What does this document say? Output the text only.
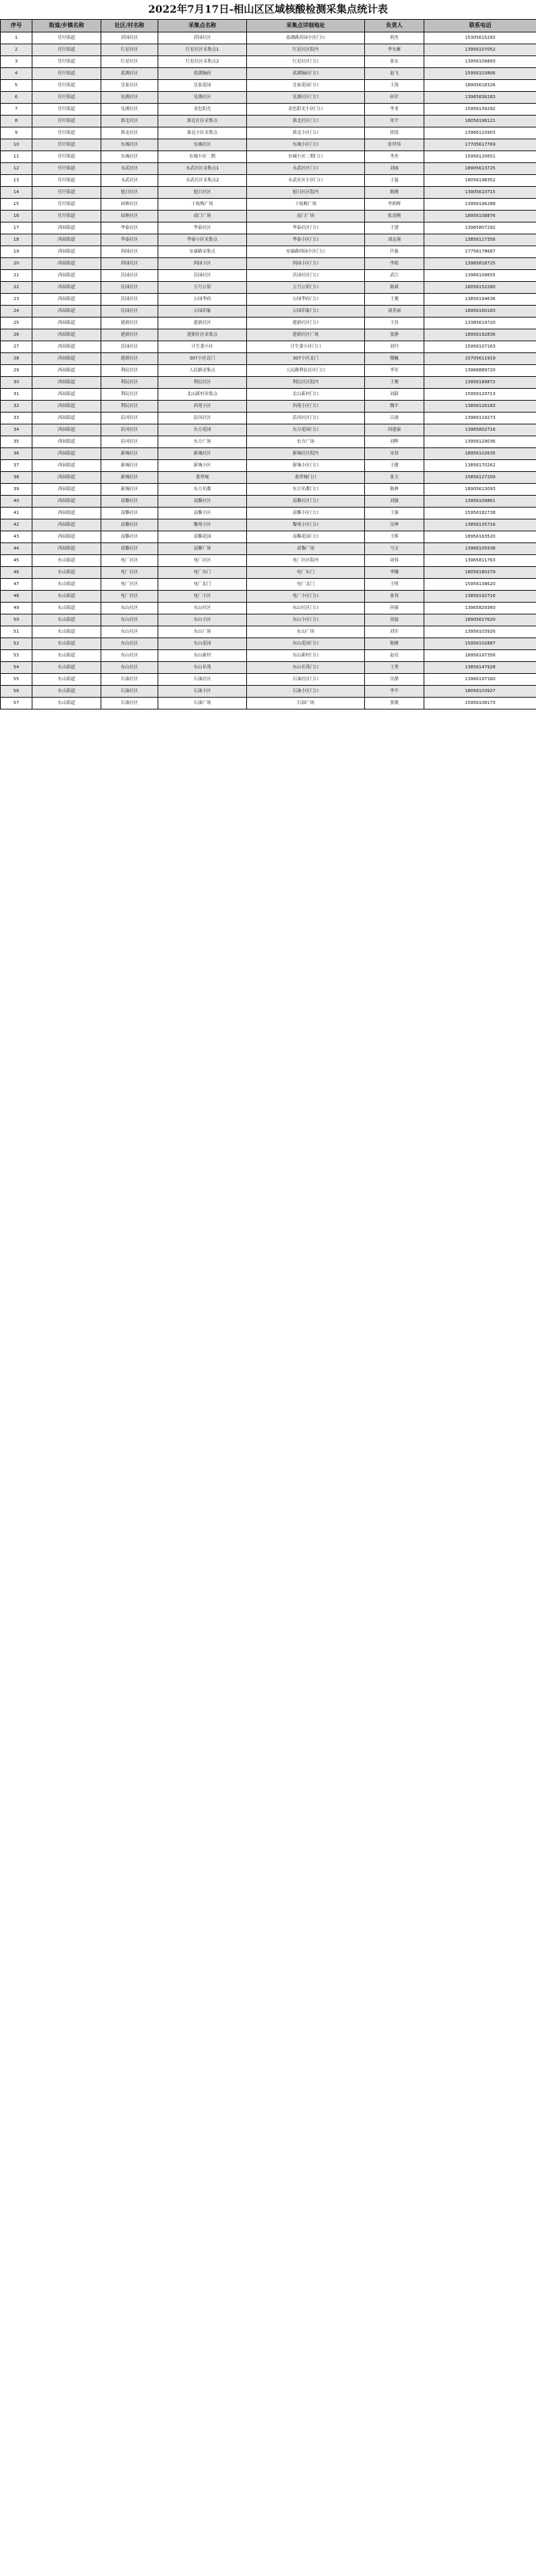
2022年7月17日-相山区区域核酸检测采集点统计表
序号	街道/乡镇名称	社区/村名称	采集点名称	采集点详细地址	负责人	联系电话
1	任圩街道	苏园社区	苏园社区	南湖路苏园小区门口	胡杰	15305615293
2	任圩街道	红星社区	红星社区采集点1	红星社区院内	李东雁	13956107052
3	任圩街道	红星社区	红星社区采集点2	红星社区门口	张东	13956109893
4	任圩街道	蓝湖社区	蓝湖翰府	蓝湖翰府门口	赵飞	15956103806
5	任圩街道	皇家社区	皇家花园	皇家花园门口	王海	18905618326
6	任圩街道	星湖社区	星湖社区	星湖社区门口	孙军	13965836283
7	任圩街道	星湖社区	金色阳光	金色阳光小区门口	李亚	15956139292
8	任圩街道	淮北社区	淮北社区采集点	淮北社区门口	朱宇	18056196121
9	任圩街道	淮北社区	淮北小区采集点	淮北小区门口	徐凯	13966110903
10	任圩街道	东城社区	东城社区	东城小区门口	张世伟	17705617769
11	任圩街道	东城社区	东城小区二期	东城小区二期门口	李杰	15956120651
12	任圩街道	永武社区	永武社区采集点1	永武社区门口	刘丽	18905613725
13	任圩街道	永武社区	永武社区采集点2	永武社区小区门口	王磊	18056198352
14	任圩街道	旭日社区	旭日社区	旭日社区院内	陈刚	13905610715
15	任圩街道	园林社区	十枝梅广场	十枝梅广场	李炳辉	13956196288
16	任圩街道	园林社区	南门广场	南门广场	张凌刚	18956108876
17	西园街道	华泰社区	华泰社区	华泰社区门口	王建	13965807292
18	西园街道	华泰社区	华泰小区采集点	华泰小区门口	刘志强	13856117356
19	西园街道	西园社区	安康路采集点	安康路西园小区门口	许振	17756178687
20	西园街道	西园社区	西园小区	西园小区门口	李娟	13965818725
21	西园街道	沃园社区	沃园社区	沃园社区门口	武江	13966109655
22	西园街道	沃园社区	五号公馆	五号公馆门口	陈斌	18056152280
23	西园街道	沃园社区	公园华府	公园华府门口	王俊	13856194636
24	西园街道	沃园社区	公园印象	公园印象门口	刘美丽	18956160183
25	西园街道	建新社区	建新社区	建新社区门口	王佳	13385619720
26	西园街道	建新社区	建新社区采集点	建新社区广场	张静	18956192836
27	西园街道	沃园社区	计生委小区	计生委小区门口	刘丹	15956107163
28	西园街道	建新社区	307小区北门	307小区北门	魏巍	15705611919
29	西园街道	利民社区	人民路采集点	人民路利民社区门口	李军	13966889720
30	西园街道	利民社区	利民社区	利民社区院内	王俊	13956189872
31	西园街道	利民社区	北山新村采集点	北山新村门口	刘新	15956129713
32	西园街道	利民社区	西苑小区	西苑小区门口	魏平	13856126183
33	西园街道	沿河社区	沿河社区	沿河社区门口	吕波	13966119273
34	西园街道	沿河社区	东方花园	东方花园门口	周建康	13965802716
35	西园街道	沿河社区	东方广场	东方广场	刘辉	13956129036
36	西园街道	新城社区	新城社区	新城社区院内	宋伟	18956102635
37	西园街道	新城社区	新城小区	新城小区门口	王健	13856170262
38	西园街道	新城社区	翡翠城	翡翠城门口	张玉	15856127209
39	西园街道	新城社区	东方名都	东方名都门口	陈林	18905613093
40	西园街道	南黎社区	南黎社区	南黎社区门口	刘强	13956109861
41	西园街道	南黎社区	南黎小区	南黎小区门口	王强	15956182738
42	西园街道	南黎社区	黎苑小区	黎苑小区门口	吴坤	13856135716
43	西园街道	南黎社区	南黎花园	南黎花园门口	王辉	18956163520
44	西园街道	南黎社区	南黎广场	南黎广场	马文	13966105938
45	东山街道	电厂社区	电厂社区	电厂社区院内	周伟	13965811763
46	东山街道	电厂社区	电厂东门	电厂东门	李娜	18056180279
47	东山街道	电厂社区	电厂北门	电厂北门	王明	15956138620
48	东山街道	电厂社区	电厂小区	电厂小区门口	张伟	13856192716
49	东山街道	东山社区	东山社区	东山社区门口	孙强	13965829360
50	东山街道	东山社区	东山小区	东山小区门口	周磊	18905617620
51	东山街道	东山社区	东山广场	东山广场	刘军	13956103926
52	东山街道	东山社区	东山花园	东山花园门口	陈刚	15956102887
53	东山街道	东山社区	东山新村	东山新村门口	赵亮	18956197356
54	东山街道	东山社区	东山名苑	东山名苑门口	王勇	13856147928
55	东山街道	石油社区	石油社区	石油社区门口	吴静	13966197160
56	东山街道	石油社区	石油小区	石油小区门口	李平	18056103927
57	东山街道	石油社区	石油广场	石油广场	张敏	15956108173
